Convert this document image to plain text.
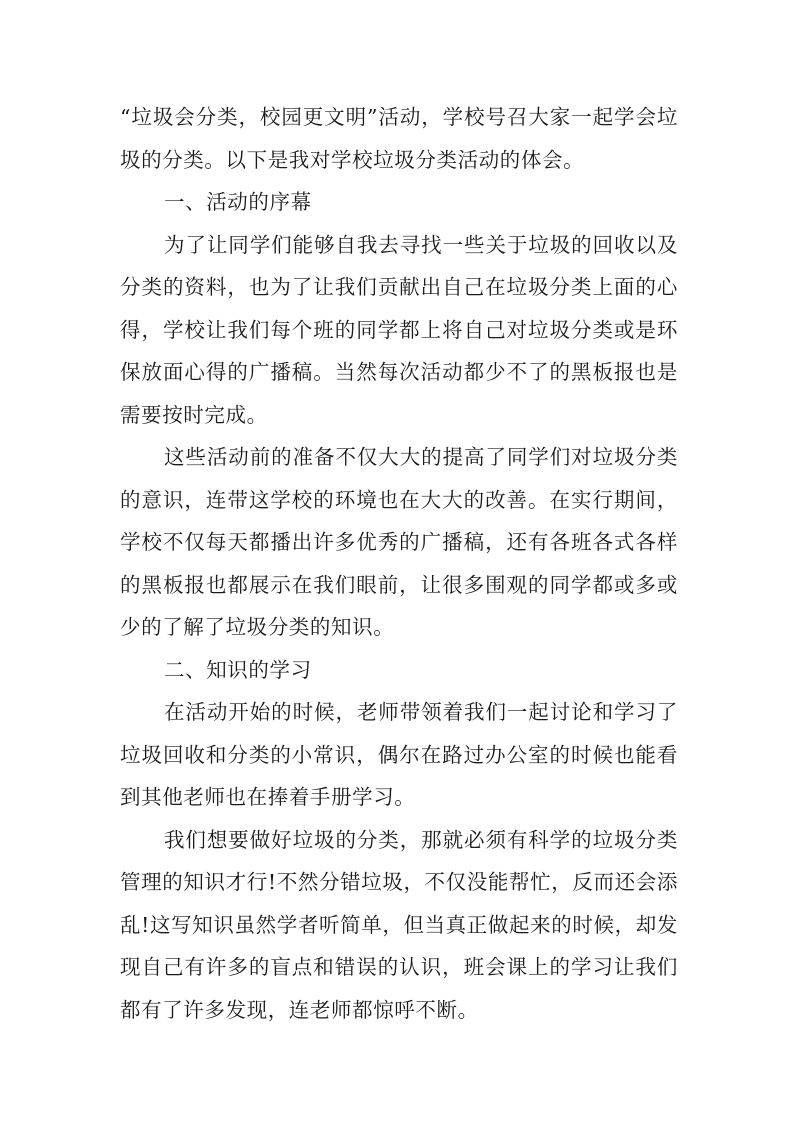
“垃圾会分类，校园更文明”活动，学校号召大家一起学会垃圾的分类。以下是我对学校垃圾分类活动的体会。

一、活动的序幕

为了让同学们能够自我去寻找一些关于垃圾的回收以及分类的资料，也为了让我们贡献出自己在垃圾分类上面的心得，学校让我们每个班的同学都上将自己对垃圾分类或是环保放面心得的广播稿。当然每次活动都少不了的黑板报也是需要按时完成。

这些活动前的准备不仅大大的提高了同学们对垃圾分类的意识，连带这学校的环境也在大大的改善。在实行期间，学校不仅每天都播出许多优秀的广播稿，还有各班各式各样的黑板报也都展示在我们眼前，让很多围观的同学都或多或少的了解了垃圾分类的知识。

二、知识的学习

在活动开始的时候，老师带领着我们一起讨论和学习了垃圾回收和分类的小常识，偶尔在路过办公室的时候也能看到其他老师也在捧着手册学习。

我们想要做好垃圾的分类，那就必须有科学的垃圾分类管理的知识才行!不然分错垃圾，不仅没能帮忙，反而还会添乱!这写知识虽然学者听简单，但当真正做起来的时候，却发现自己有许多的盲点和错误的认识，班会课上的学习让我们都有了许多发现，连老师都惊呼不断。
